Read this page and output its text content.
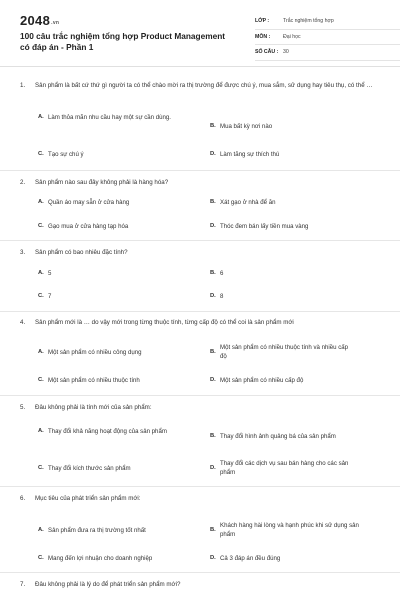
2048.vn
100 câu trắc nghiệm tổng hợp Product Management có đáp án - Phần 1
LỚP :	Trắc nghiệm tổng hợp
MÔN :	Đại học
SỐ CÂU : 30
1.	Sản phẩm là bất cứ thứ gì người ta có thể chào mời ra thị trường để được chú ý, mua sắm, sử dụng hay tiêu thụ, có thể …
A. Làm thỏa mãn nhu cầu hay một sự cần dùng.
B. Mua bất kỳ nơi nào
C. Tạo sự chú ý	D. Làm tăng sự thích thú
2.	Sản phẩm nào sau đây không phải là hàng hóa?
A. Quần áo may sẵn ở cửa hàng	B. Xát gạo ở nhà để ăn
C. Gạo mua ở cửa hàng tạp hóa	D. Thóc đem bán lấy tiền mua vàng
3.	Sản phẩm có bao nhiêu đặc tính?
A. 5	B. 6
C. 7	D. 8
4.	Sản phẩm mới là … do vậy mới trong từng thuộc tính, từng cấp độ có thể coi là sản phẩm mới
A. Một sản phẩm có nhiều công dụng	B.
Một sản phẩm có nhiều thuộc tính và nhiều cấp độ
C. Một sản phẩm có nhiều thuộc tính	D. Một sản phẩm có nhiều cấp độ
5.	Đâu không phải là tính mới của sản phẩm:
A. Thay đổi khả năng hoạt động của sản phẩm
B. Thay đổi hình ảnh quảng bá của sản phẩm
C. Thay đổi kích thước sản phẩm	D.
Thay đổi các dịch vụ sau bán hàng cho các sản phẩm
6.	Mục tiêu của phát triển sản phẩm mới:
A. Sản phẩm đưa ra thị trường tốt nhất	B.
Khách hàng hài lòng và hạnh phúc khi sử dụng sản phẩm
C. Mang đến lợi nhuận cho doanh nghiệp	D. Cả 3 đáp án đều đúng
7.	Đâu không phải là lý do để phát triển sản phẩm mới?
